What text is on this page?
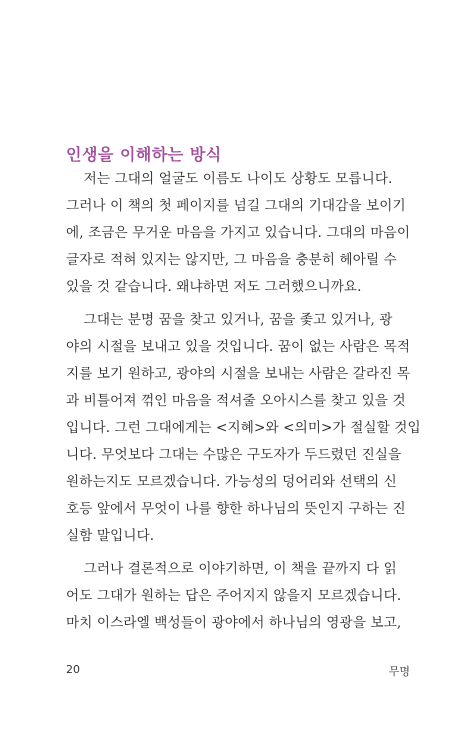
인생을 이해하는 방식

저는 그대의 얼굴도 이름도 나이도 상황도 모릅니다.
그러나 이 책의 첫 페이지를 넘길 그대의 기대감을 보이기
에, 조금은 무거운 마음을 가지고 있습니다. 그대의 마음이
글자로 적혀 있지는 않지만, 그 마음을 충분히 헤아릴 수
있을 것 같습니다. 왜냐하면 저도 그러했으니까요.

그대는 분명 꿈을 찾고 있거나, 꿈을 좇고 있거나, 광
야의 시절을 보내고 있을 것입니다. 꿈이 없는 사람은 목적
지를 보기 원하고, 광야의 시절을 보내는 사람은 갈라진 목
과 비틀어져 꺾인 마음을 적셔줄 오아시스를 찾고 있을 것
입니다. 그런 그대에게는 <지혜>와 <의미>가 절실할 것입
니다. 무엇보다 그대는 수많은 구도자가 두드렸던 진실을
원하는지도 모르겠습니다. 가능성의 덩어리와 선택의 신
호등 앞에서 무엇이 나를 향한 하나님의 뜻인지 구하는 진
실함 말입니다.

그러나 결론적으로 이야기하면, 이 책을 끝까지 다 읽
어도 그대가 원하는 답은 주어지지 않을지 모르겠습니다.
마치 이스라엘 백성들이 광야에서 하나님의 영광을 보고,

20	무명
